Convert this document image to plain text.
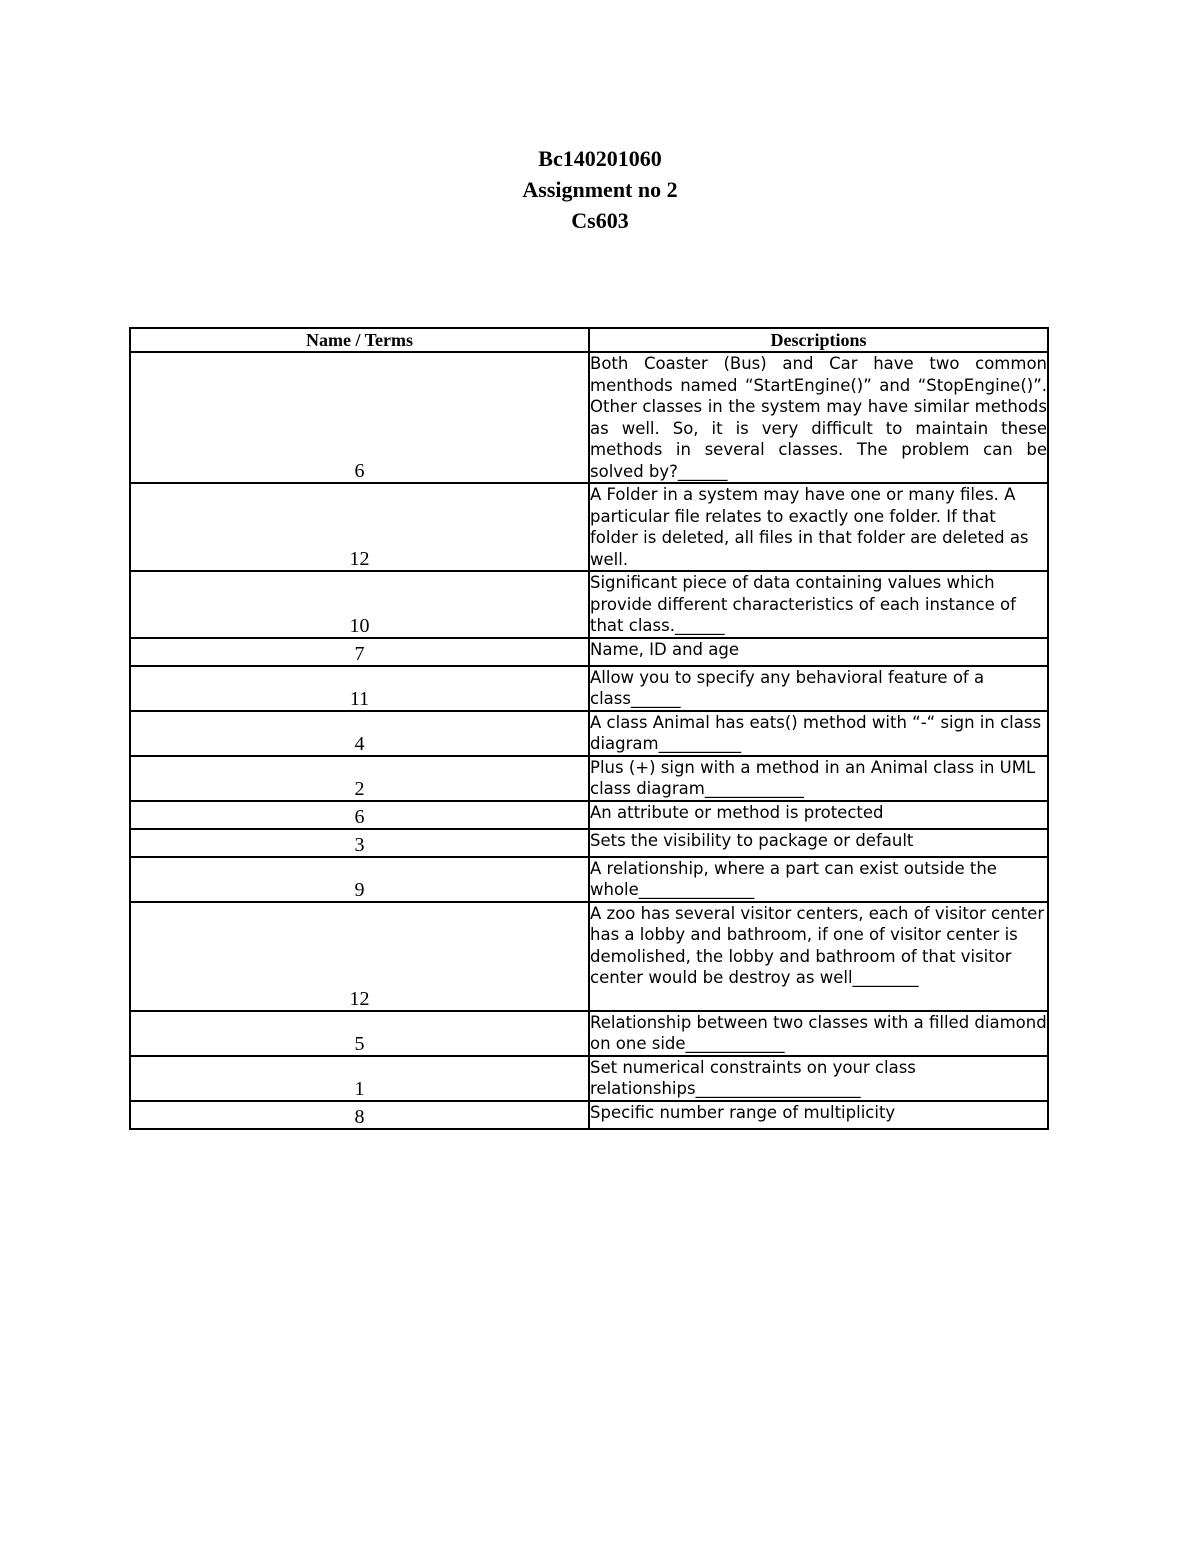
Bc140201060
Assignment no 2
Cs603
Name / Terms	Descriptions
6	Both Coaster (Bus) and Car have two common menthods named “StartEngine()” and “StopEngine()”. Other classes in the system may have similar methods as well. So, it is very difficult to maintain these methods in several classes. The problem can be solved by?______
12	A Folder in a system may have one or many files. A particular file relates to exactly one folder. If that folder is deleted, all files in that folder are deleted as well.
10	Significant piece of data containing values which provide different characteristics of each instance of that class.______
7	Name, ID and age
11	Allow you to specify any behavioral feature of a class______
4	A class Animal has eats() method with “-“ sign in class diagram__________
2	Plus (+) sign with a method in an Animal class in UML class diagram____________
6	An attribute or method is protected
3	Sets the visibility to package or default
9	A relationship, where a part can exist outside the whole______________
12	A zoo has several visitor centers, each of visitor center has a lobby and bathroom, if one of visitor center is demolished, the lobby and bathroom of that visitor center would be destroy as well________
5	Relationship between two classes with a filled diamond on one side____________
1	Set numerical constraints on your class relationships____________________
8	Specific number range of multiplicity
